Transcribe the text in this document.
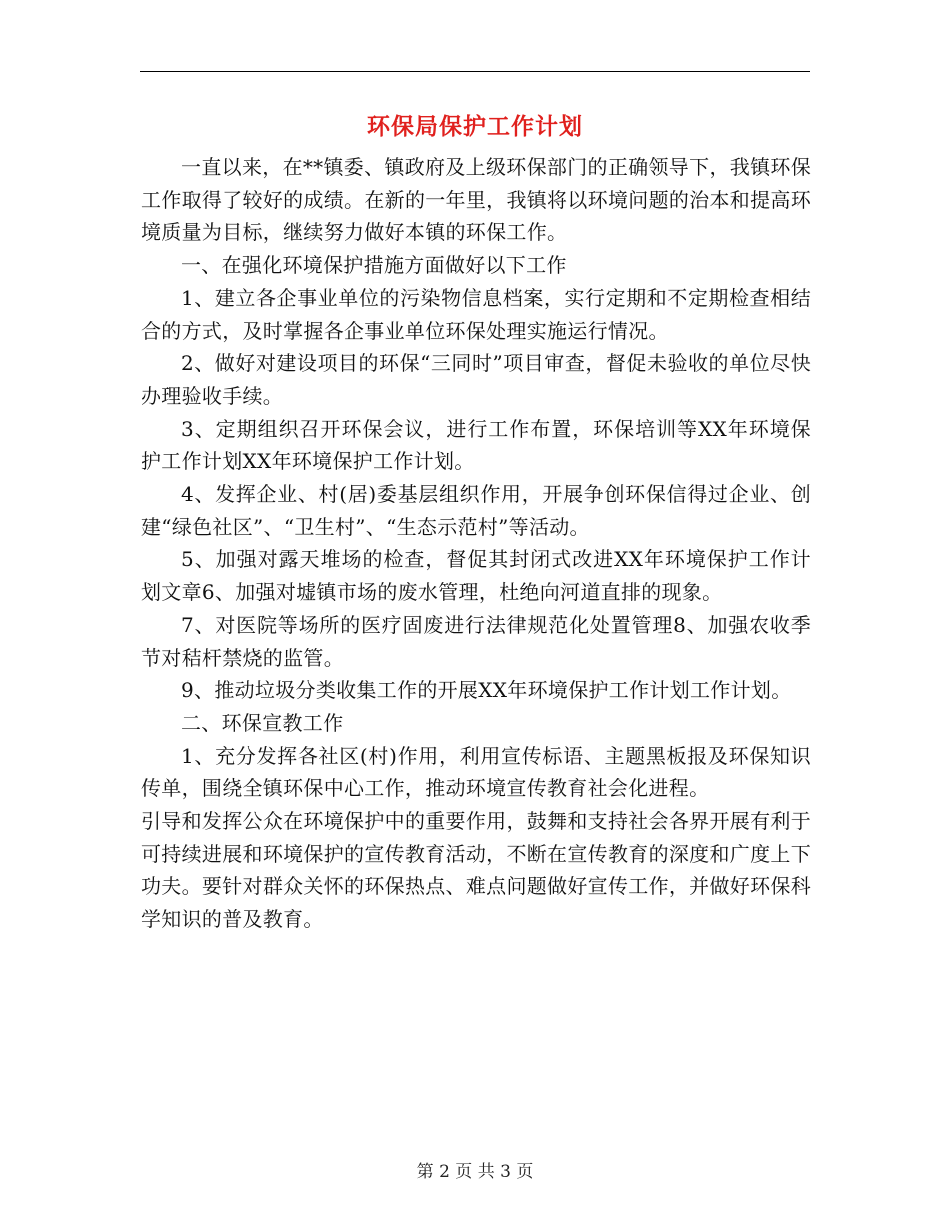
环保局保护工作计划

一直以来，在**镇委、镇政府及上级环保部门的正确领导下，我镇环保工作取得了较好的成绩。在新的一年里，我镇将以环境问题的治本和提高环境质量为目标，继续努力做好本镇的环保工作。

一、在强化环境保护措施方面做好以下工作

1、建立各企事业单位的污染物信息档案，实行定期和不定期检查相结合的方式，及时掌握各企事业单位环保处理实施运行情况。

2、做好对建设项目的环保“三同时”项目审查，督促未验收的单位尽快办理验收手续。

3、定期组织召开环保会议，进行工作布置，环保培训等XX年环境保护工作计划XX年环境保护工作计划。

4、发挥企业、村(居)委基层组织作用，开展争创环保信得过企业、创建“绿色社区”、“卫生村”、“生态示范村”等活动。

5、加强对露天堆场的检查，督促其封闭式改进XX年环境保护工作计划文章6、加强对墟镇市场的废水管理，杜绝向河道直排的现象。

7、对医院等场所的医疗固废进行法律规范化处置管理8、加强农收季节对秸杆禁烧的监管。

9、推动垃圾分类收集工作的开展XX年环境保护工作计划工作计划。

二、环保宣教工作

1、充分发挥各社区(村)作用，利用宣传标语、主题黑板报及环保知识传单，围绕全镇环保中心工作，推动环境宣传教育社会化进程。

引导和发挥公众在环境保护中的重要作用，鼓舞和支持社会各界开展有利于可持续进展和环境保护的宣传教育活动，不断在宣传教育的深度和广度上下功夫。要针对群众关怀的环保热点、难点问题做好宣传工作，并做好环保科学知识的普及教育。

第 2 页 共 3 页
